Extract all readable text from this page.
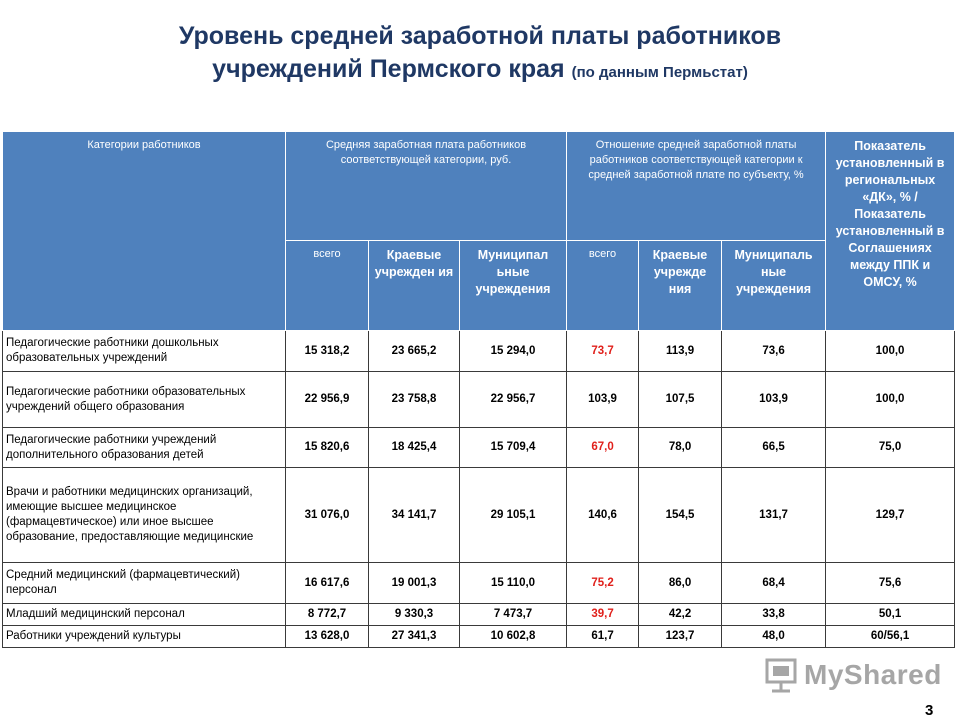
Уровень средней заработной платы работников
учреждений Пермского края (по данным Пермьстат)
Категории работников	Средняя заработная плата работников соответствующей категории, руб.			Отношение средней заработной платы работников соответствующей категории к средней заработной плате по субъекту, %			Показатель установленный в региональных «ДК», % / Показатель установленный в Соглашениях между ППК и ОМСУ, %
	всего	Краевые учрежден ия	Муниципал ьные учреждения	всего	Краевые учрежде ния	Муниципаль ные учреждения	
Педагогические работники дошкольных образовательных учреждений	15 318,2	23 665,2	15 294,0	73,7	113,9	73,6	100,0
Педагогические работники образовательных учреждений общего образования	22 956,9	23 758,8	22 956,7	103,9	107,5	103,9	100,0
Педагогические работники учреждений дополнительного образования детей	15 820,6	18 425,4	15 709,4	67,0	78,0	66,5	75,0
Врачи и работники медицинских организаций, имеющие высшее медицинское (фармацевтическое) или иное высшее образование, предоставляющие медицинские	31 076,0	34 141,7	29 105,1	140,6	154,5	131,7	129,7
Средний медицинский (фармацевтический) персонал	16 617,6	19 001,3	15 110,0	75,2	86,0	68,4	75,6
Младший медицинский персонал	8 772,7	9 330,3	7 473,7	39,7	42,2	33,8	50,1
Работники учреждений культуры	13 628,0	27 341,3	10 602,8	61,7	123,7	48,0	60/56,1
MyShared
3
